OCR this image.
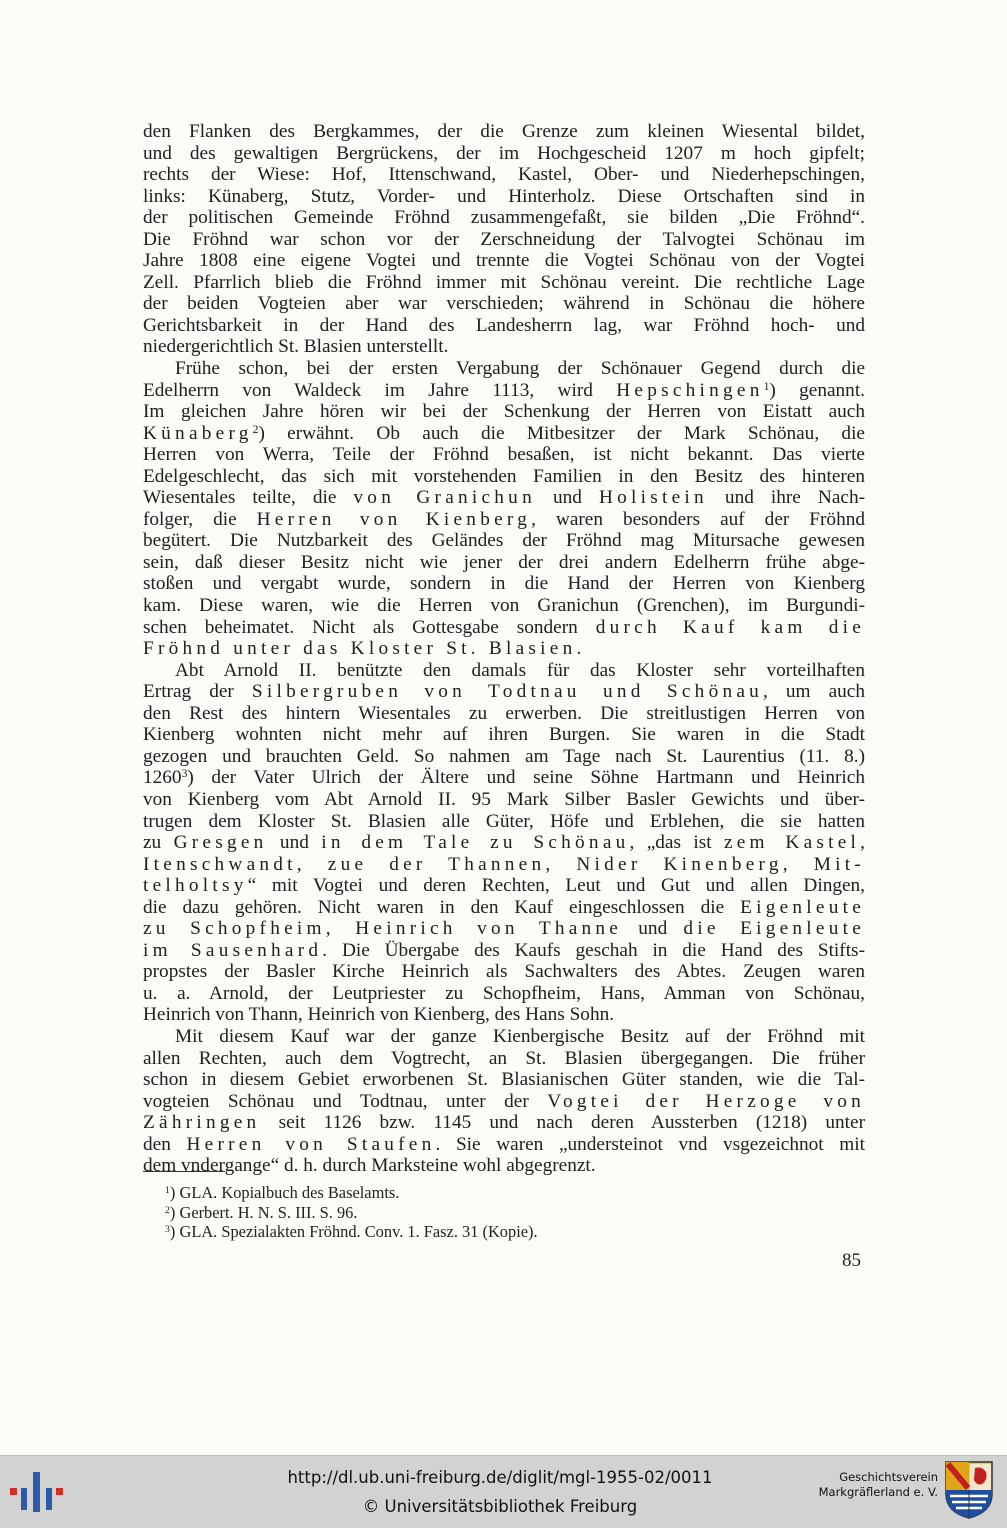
den Flanken des Bergkammes, der die Grenze zum kleinen Wiesental bildet,
und des gewaltigen Bergrückens, der im Hochgescheid 1207 m hoch gipfelt;
rechts der Wiese: Hof, Ittenschwand, Kastel, Ober- und Niederhepschingen,
links: Künaberg, Stutz, Vorder- und Hinterholz. Diese Ortschaften sind in
der politischen Gemeinde Fröhnd zusammengefaßt, sie bilden „Die Fröhnd“.
Die Fröhnd war schon vor der Zerschneidung der Talvogtei Schönau im
Jahre 1808 eine eigene Vogtei und trennte die Vogtei Schönau von der Vogtei
Zell. Pfarrlich blieb die Fröhnd immer mit Schönau vereint. Die rechtliche Lage
der beiden Vogteien aber war verschieden; während in Schönau die höhere
Gerichtsbarkeit in der Hand des Landesherrn lag, war Fröhnd hoch- und
niedergerichtlich St. Blasien unterstellt.
Frühe schon, bei der ersten Vergabung der Schönauer Gegend durch die
Edelherrn von Waldeck im Jahre 1113, wird Hepschingen$^1$) genannt.
Im gleichen Jahre hören wir bei der Schenkung der Herren von Eistatt auch
Künaberg$^2$) erwähnt. Ob auch die Mitbesitzer der Mark Schönau, die
Herren von Werra, Teile der Fröhnd besaßen, ist nicht bekannt. Das vierte
Edelgeschlecht, das sich mit vorstehenden Familien in den Besitz des hinteren
Wiesentales teilte, die von Granichun und Holistein und ihre Nach-
folger, die Herren von Kienberg, waren besonders auf der Fröhnd
begütert. Die Nutzbarkeit des Geländes der Fröhnd mag Mitursache gewesen
sein, daß dieser Besitz nicht wie jener der drei andern Edelherrn frühe abge-
stoßen und vergabt wurde, sondern in die Hand der Herren von Kienberg
kam. Diese waren, wie die Herren von Granichun (Grenchen), im Burgundi-
schen beheimatet. Nicht als Gottesgabe sondern durch Kauf kam die
Fröhnd unter das Kloster St. Blasien.
Abt Arnold II. benützte den damals für das Kloster sehr vorteilhaften
Ertrag der Silbergruben von Todtnau und Schönau, um auch
den Rest des hintern Wiesentales zu erwerben. Die streitlustigen Herren von
Kienberg wohnten nicht mehr auf ihren Burgen. Sie waren in die Stadt
gezogen und brauchten Geld. So nahmen am Tage nach St. Laurentius (11. 8.)
1260$^3$) der Vater Ulrich der Ältere und seine Söhne Hartmann und Heinrich
von Kienberg vom Abt Arnold II. 95 Mark Silber Basler Gewichts und über-
trugen dem Kloster St. Blasien alle Güter, Höfe und Erblehen, die sie hatten
zu Gresgen und in dem Tale zu Schönau, „das ist zem Kastel,
Itenschwandt, zue der Thannen, Nider Kinenberg, Mit-
telholtsy“ mit Vogtei und deren Rechten, Leut und Gut und allen Dingen,
die dazu gehören. Nicht waren in den Kauf eingeschlossen die Eigenleute
zu Schopfheim, Heinrich von Thanne und die Eigenleute
im Sausenhard. Die Übergabe des Kaufs geschah in die Hand des Stifts-
propstes der Basler Kirche Heinrich als Sachwalters des Abtes. Zeugen waren
u. a. Arnold, der Leutpriester zu Schopfheim, Hans, Amman von Schönau,
Heinrich von Thann, Heinrich von Kienberg, des Hans Sohn.
Mit diesem Kauf war der ganze Kienbergische Besitz auf der Fröhnd mit
allen Rechten, auch dem Vogtrecht, an St. Blasien übergegangen. Die früher
schon in diesem Gebiet erworbenen St. Blasianischen Güter standen, wie die Tal-
vogteien Schönau und Todtnau, unter der Vogtei der Herzoge von
Zähringen seit 1126 bzw. 1145 und nach deren Aussterben (1218) unter
den Herren von Staufen. Sie waren „understeinot vnd vsgezeichnot mit
dem vndergange“ d. h. durch Marksteine wohl abgegrenzt.
$^1$) GLA. Kopialbuch des Baselamts.
$^2$) Gerbert. H. N. S. III. S. 96.
$^3$) GLA. Spezialakten Fröhnd. Conv. 1. Fasz. 31 (Kopie).
85
http://dl.ub.uni-freiburg.de/diglit/mgl-1955-02/0011
© Universitätsbibliothek Freiburg
Geschichtsverein
Markgräflerland e. V.
